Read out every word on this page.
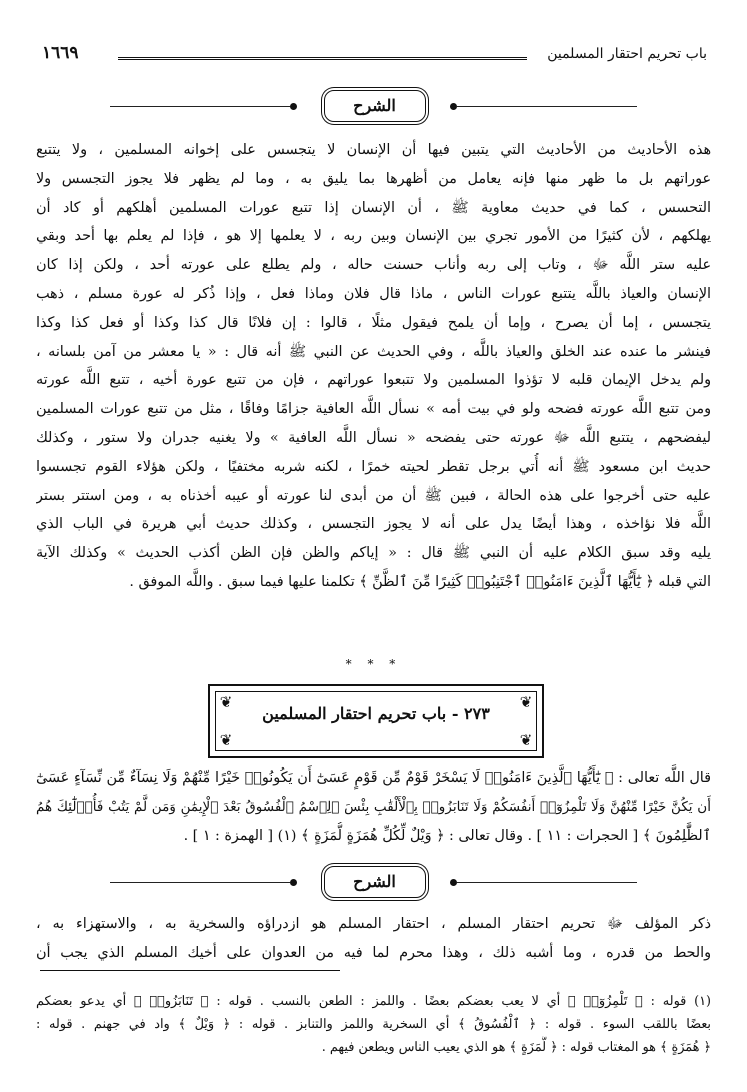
باب تحريم احتقار المسلمين
١٦٦٩
الشرح
هذه الأحاديث من الأحاديث التي يتبين فيها أن الإنسان لا يتجسس على إخوانه المسلمين ، ولا يتتبع
عوراتهم بل ما ظهر منها فإنه يعامل من أظهرها بما يليق به ، وما لم يظهر فلا يجوز التجسس ولا
التحسس ، كما في حديث معاوية ﷺ ، أن الإنسان إذا تتبع عورات المسلمين أهلكهم أو كاد أن
يهلكهم ، لأن كثيرًا من الأمور تجري بين الإنسان وبين ربه ، لا يعلمها إلا هو ، فإذا لم يعلم بها أحد وبقي
عليه ستر اللَّه ﷻ ، وتاب إلى ربه وأناب حسنت حاله ، ولم يطلع على عورته أحد ، ولكن إذا كان
الإنسان والعياذ باللَّه يتتبع عورات الناس ، ماذا قال فلان وماذا فعل ، وإذا ذُكر له عورة مسلم ، ذهب
يتجسس ، إما أن يصرح ، وإما أن يلمح فيقول مثلًا ، قالوا : إن فلانًا قال كذا وكذا أو فعل كذا وكذا
فينشر ما عنده عند الخلق والعياذ باللَّه ، وفي الحديث عن النبي ﷺ أنه قال : « يا معشر من آمن بلسانه ،
ولم يدخل الإيمان قلبه لا تؤذوا المسلمين ولا تتبعوا عوراتهم ، فإن من تتبع عورة أخيه ، تتبع اللَّه عورته
ومن تتبع اللَّه عورته فضحه ولو في بيت أمه » نسأل اللَّه العافية جزامًا وفاقًا ، مثل من تتبع عورات المسلمين
ليفضحهم ، يتتبع اللَّه ﷻ عورته حتى يفضحه « نسأل اللَّه العافية » ولا يغنيه جدران ولا ستور ، وكذلك
حديث ابن مسعود ﷺ أنه أُتي برجل تقطر لحيته خمرًا ، لكنه شربه مختفيًا ، ولكن هؤلاء القوم تجسسوا
عليه حتى أخرجوا على هذه الحالة ، فبين ﷺ أن من أبدى لنا عورته أو عيبه أخذناه به ، ومن استتر بستر
اللَّه فلا نؤاخذه ، وهذا أيضًا يدل على أنه لا يجوز التجسس ، وكذلك حديث أبي هريرة في الباب الذي
يليه وقد سبق الكلام عليه أن النبي ﷺ قال : « إياكم والظن فإن الظن أكذب الحديث » وكذلك الآية
التي قبله ﴿ يَٰٓأَيُّهَا ٱلَّذِينَ ءَامَنُوا۟ ٱجْتَنِبُوا۟ كَثِيرًا مِّنَ ٱلظَّنِّ ﴾ تكلمنا عليها فيما سبق . واللَّه الموفق .
* * *
❦
❦
❦
❦
٢٧٣ - باب تحريم احتقار المسلمين
قال اللَّه تعالى : ﴿ يَٰٓأَيُّهَا ٱلَّذِينَ ءَامَنُوا۟ لَا يَسْخَرْ قَوْمٌ مِّن قَوْمٍ عَسَىٰٓ أَن يَكُونُوا۟ خَيْرًا مِّنْهُمْ وَلَا نِسَآءٌ مِّن نِّسَآءٍ عَسَىٰٓ
أَن يَكُنَّ خَيْرًا مِّنْهُنَّ وَلَا تَلْمِزُوٓا۟ أَنفُسَكُمْ وَلَا تَنَابَزُوا۟ بِٱلْأَلْقَٰبِ بِئْسَ ٱلِٱسْمُ ٱلْفُسُوقُ بَعْدَ ٱلْإِيمَٰنِ وَمَن لَّمْ يَتُبْ فَأُو۟لَٰٓئِكَ هُمُ
ٱلظَّٰلِمُونَ ﴾ [ الحجرات : ١١ ] . وقال تعالى : ﴿ وَيْلٌ لِّكُلِّ هُمَزَةٍ لُّمَزَةٍ ﴾ (١) [ الهمزة : ١ ] .
الشرح
ذكر المؤلف ﷻ تحريم احتقار المسلم ، احتقار المسلم هو ازدراؤه والسخرية به ، والاستهزاء به ،
والحط من قدره ، وما أشبه ذلك ، وهذا محرم لما فيه من العدوان على أخيك المسلم الذي يجب أن
(١) قوله : ﴿ تَلْمِزُوٓا۟ ﴾ أي لا يعب بعضكم بعضًا . واللمز : الطعن بالنسب . قوله : ﴿ تَنَابَزُوا۟ ﴾ أي يدعو بعضكم
بعضًا باللقب السوء . قوله : ﴿ ٱلْفُسُوقُ ﴾ أي السخرية واللمز والتنابز . قوله : ﴿ وَيْلٌ ﴾ واد في جهنم . قوله :
﴿ هُمَزَةٍ ﴾ هو المغتاب قوله : ﴿ لُّمَزَةٍ ﴾ هو الذي يعيب الناس ويطعن فيهم .
